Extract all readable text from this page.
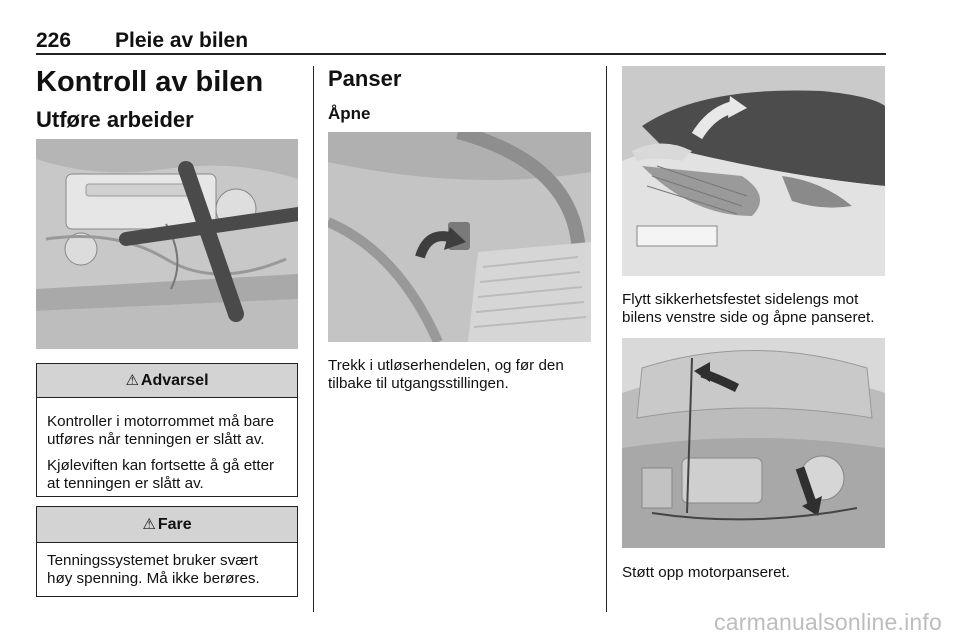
226 Pleie av bilen
Kontroll av bilen
Utføre arbeider
⚠ Advarsel

Kontroller i motorrommet må bare utføres når tenningen er slått av.

Kjøleviften kan fortsette å gå etter at tenningen er slått av.

⚠ Fare

Tenningssystemet bruker svært høy spenning. Må ikke berøres.

Panser
Åpne
Trekk i utløserhendelen, og før den tilbake til utgangsstillingen.
Flytt sikkerhetsfestet sidelengs mot bilens venstre side og åpne panseret.
Støtt opp motorpanseret.
carmanualsonline.info
